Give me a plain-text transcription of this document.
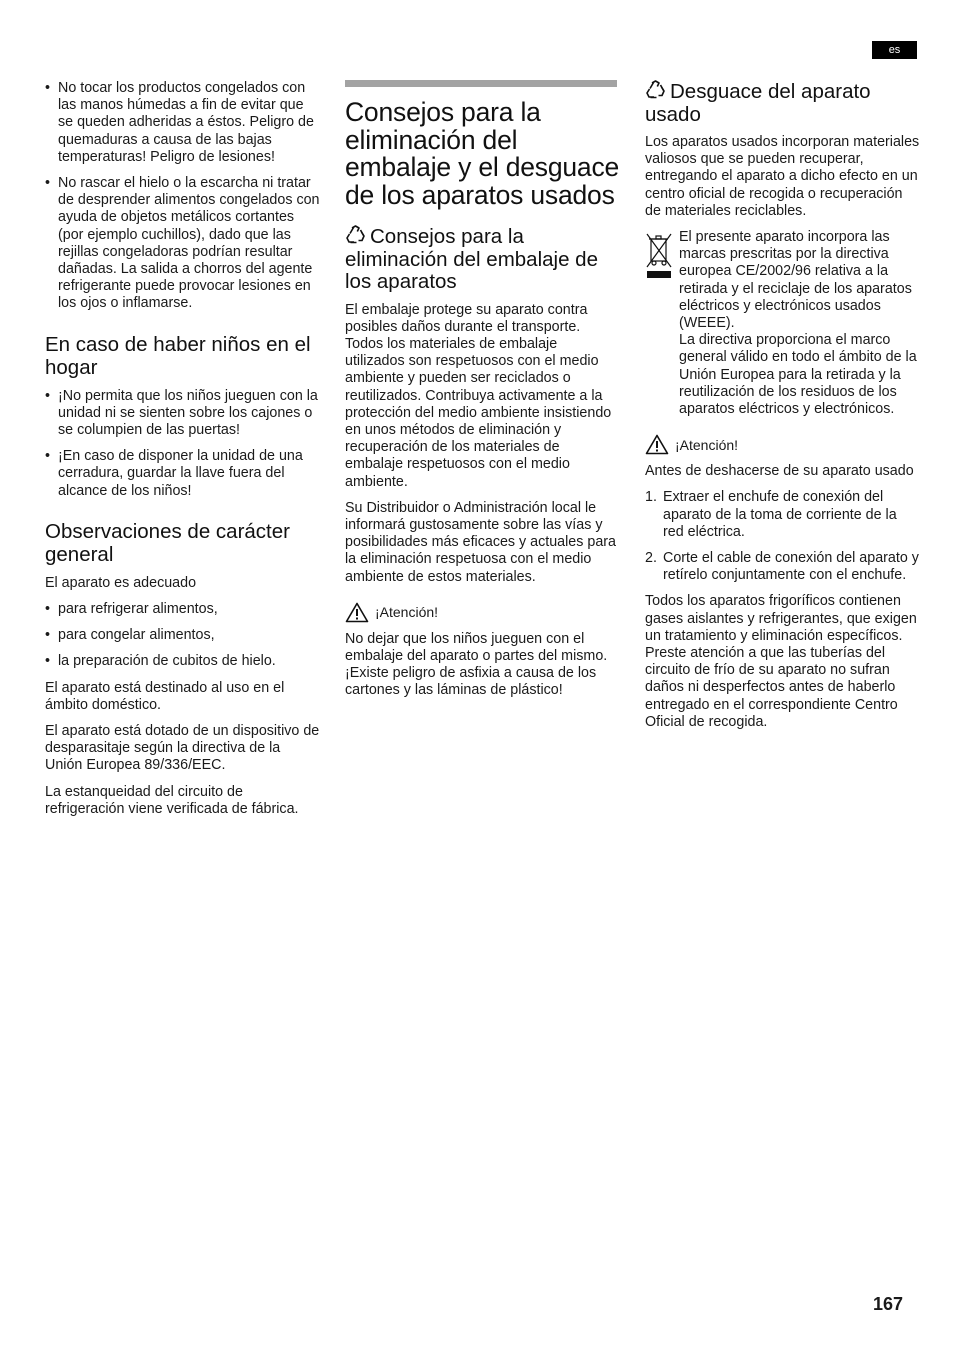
es
• No tocar los productos congelados con las manos húmedas a fin de evitar que se queden adheridas a éstos. Peligro de quemaduras a causa de las bajas temperaturas! Peligro de lesiones!
• No rascar el hielo o la escarcha ni tratar de desprender alimentos congelados con ayuda de objetos metálicos cortantes (por ejemplo cuchillos), dado que las rejillas congeladoras podrían resultar dañadas. La salida a chorros del agente refrigerante puede provocar lesiones en los ojos o inflamarse.
En caso de haber niños en el hogar
• ¡No permita que los niños jueguen con la unidad ni se sienten sobre los cajones o se columpien de las puertas!
• ¡En caso de disponer la unidad de una cerradura, guardar la llave fuera del alcance de los niños!
Observaciones de carácter general

El aparato es adecuado

• para refrigerar alimentos,
• para congelar alimentos,
• la preparación de cubitos de hielo.

El aparato está destinado al uso en el ámbito doméstico.

El aparato está dotado de un dispositivo de desparasitaje según la directiva de la Unión Europea 89/336/EEC.

La estanqueidad del circuito de refrigeración viene verificada de fábrica.

Consejos para la eliminación del embalaje y el desguace de los aparatos usados
Consejos para la eliminación del embalaje de los aparatos

El embalaje protege su aparato contra posibles daños durante el transporte. Todos los materiales de embalaje utilizados son respetuosos con el medio ambiente y pueden ser reciclados o reutilizados. Contribuya activamente a la protección del medio ambiente insistiendo en unos métodos de eliminación y recuperación de los materiales de embalaje respetuosos con el medio ambiente.

Su Distribuidor o Administración local le informará gustosamente sobre las vías y posibilidades más eficaces y actuales para la eliminación respetuosa con el medio ambiente de estos materiales.

¡Atención!

No dejar que los niños jueguen con el embalaje del aparato o partes del mismo. ¡Existe peligro de asfixia a causa de los cartones y las láminas de plástico!

Desguace del aparato usado

Los aparatos usados incorporan materiales valiosos que se pueden recuperar, entregando el aparato a dicho efecto en un centro oficial de recogida o recuperación de materiales reciclables.

El presente aparato incorpora las marcas prescritas por la directiva europea CE/2002/96 relativa a la retirada y el reciclaje de los aparatos eléctricos y electrónicos usados (WEEE).

La directiva proporciona el marco general válido en todo el ámbito de la Unión Europea para la retirada y la reutilización de los residuos de los aparatos eléctricos y electrónicos.

¡Atención!

Antes de deshacerse de su aparato usado

1. Extraer el enchufe de conexión del aparato de la toma de corriente de la red eléctrica.
2. Corte el cable de conexión del aparato y retírelo conjuntamente con el enchufe.

Todos los aparatos frigoríficos contienen gases aislantes y refrigerantes, que exigen un tratamiento y eliminación específicos. Preste atención a que las tuberías del circuito de frío de su aparato no sufran daños ni desperfectos antes de haberlo entregado en el correspondiente Centro Oficial de recogida.

167
